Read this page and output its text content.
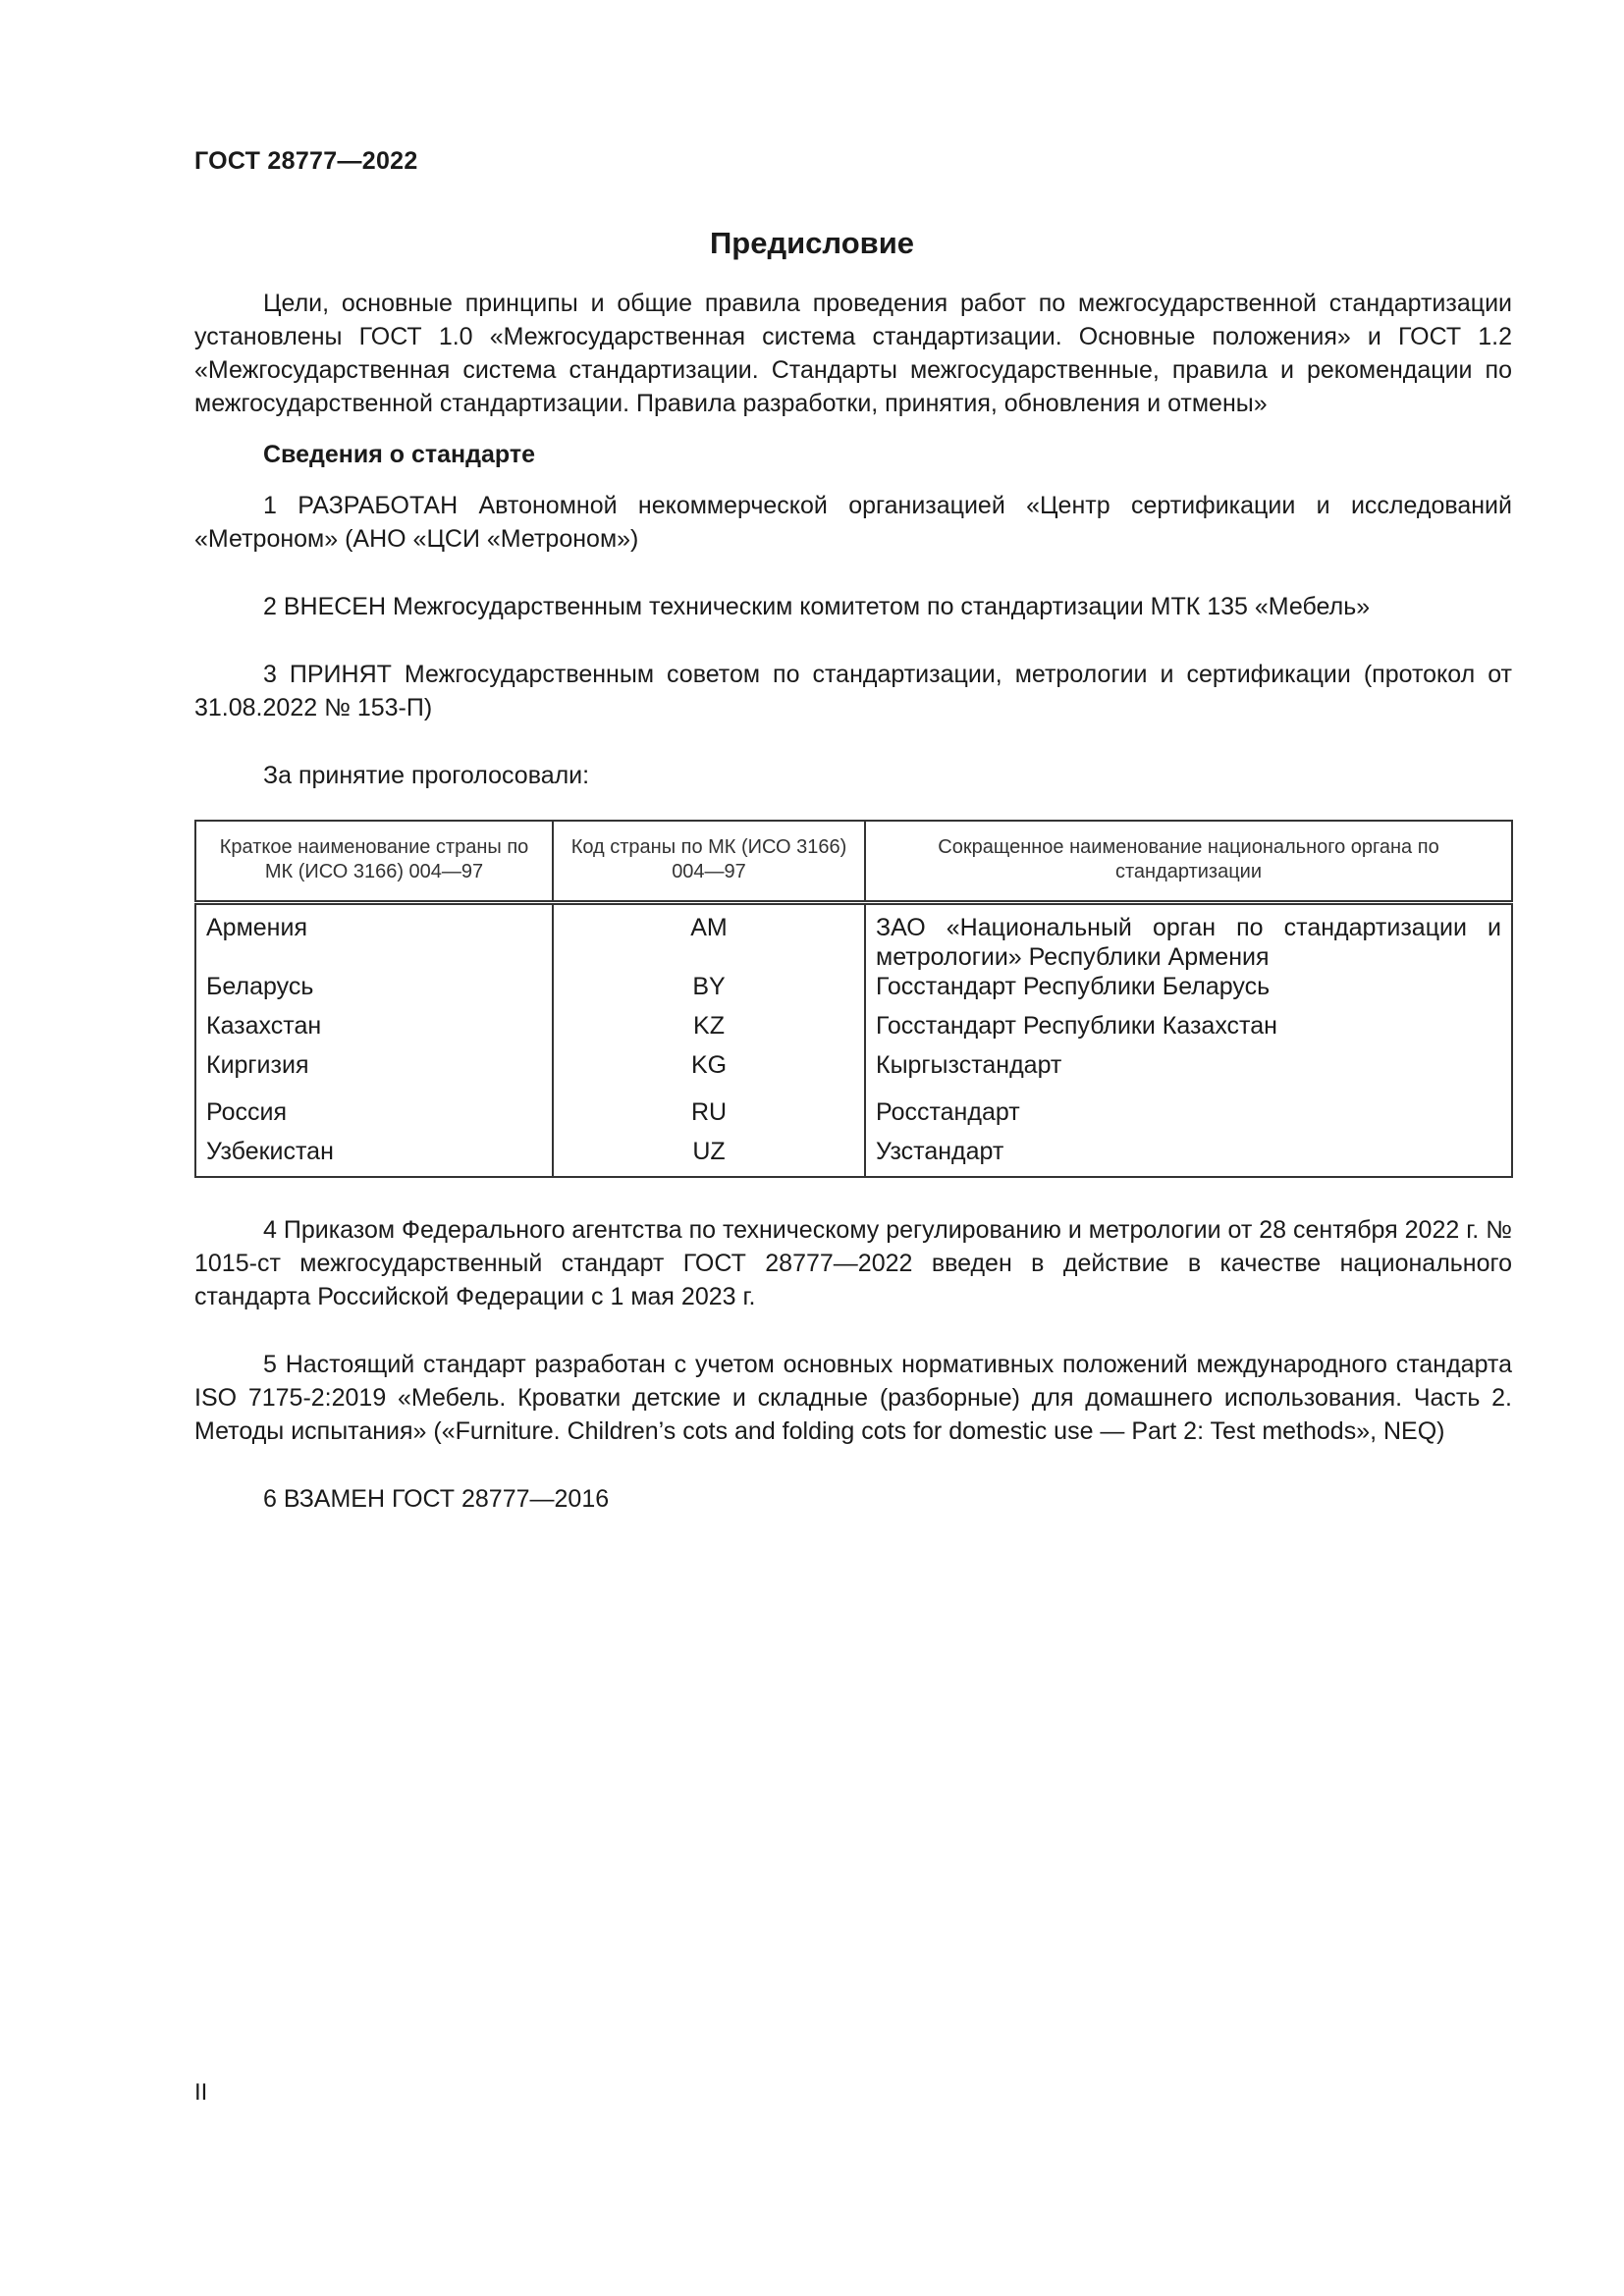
ГОСТ 28777—2022
Предисловие

Цели, основные принципы и общие правила проведения работ по межгосударственной стандартизации установлены ГОСТ 1.0 «Межгосударственная система стандартизации. Основные положения» и ГОСТ 1.2 «Межгосударственная система стандартизации. Стандарты межгосударственные, правила и рекомендации по межгосударственной стандартизации. Правила разработки, принятия, обновления и отмены»

Сведения о стандарте

1 РАЗРАБОТАН Автономной некоммерческой организацией «Центр сертификации и исследований «Метроном» (АНО «ЦСИ «Метроном»)

2 ВНЕСЕН Межгосударственным техническим комитетом по стандартизации МТК 135 «Мебель»

3 ПРИНЯТ Межгосударственным советом по стандартизации, метрологии и сертификации (протокол от 31.08.2022 № 153-П)

За принятие проголосовали:

Краткое наименование страны по МК (ИСО 3166) 004—97	Код страны по МК (ИСО 3166) 004—97	Сокращенное наименование национального органа по стандартизации
Армения	AM	ЗАО «Национальный орган по стандартизации и метрологии» Республики Армения
Беларусь	BY	Госстандарт Республики Беларусь
Казахстан	KZ	Госстандарт Республики Казахстан
Киргизия	KG	Кыргызстандарт
Россия	RU	Росстандарт
Узбекистан	UZ	Узстандарт

4 Приказом Федерального агентства по техническому регулированию и метрологии от 28 сентября 2022 г. № 1015-ст межгосударственный стандарт ГОСТ 28777—2022 введен в действие в качестве национального стандарта Российской Федерации с 1 мая 2023 г.

5 Настоящий стандарт разработан с учетом основных нормативных положений международного стандарта ISO 7175-2:2019 «Мебель. Кроватки детские и складные (разборные) для домашнего использования. Часть 2. Методы испытания» («Furniture. Children’s cots and folding cots for domestic use — Part 2: Test methods», NEQ)

6 ВЗАМЕН ГОСТ 28777—2016

II
